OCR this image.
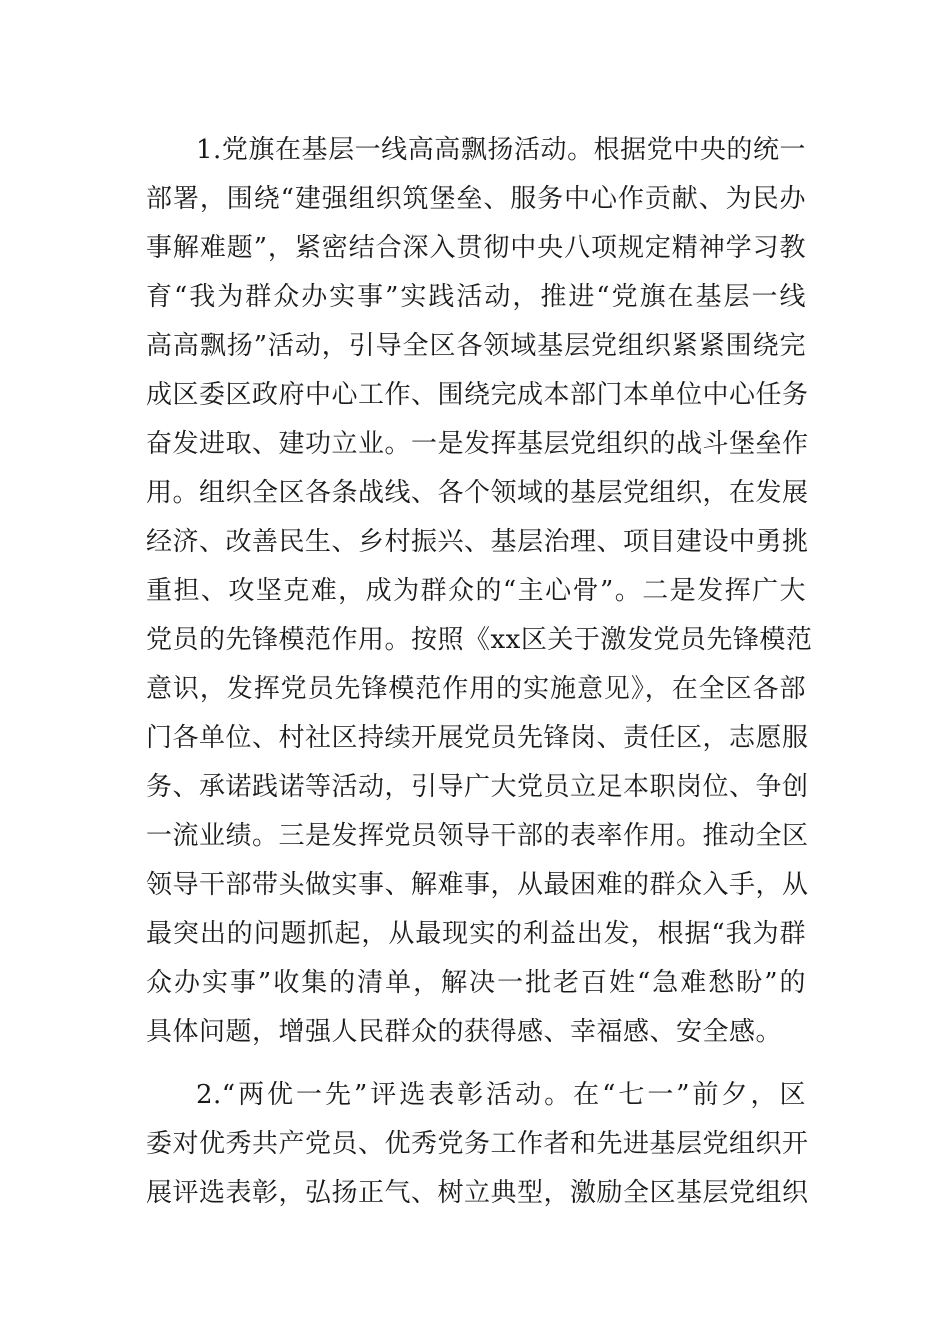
1.党旗在基层一线高高飘扬活动。根据党中央的统一
部署，围绕“建强组织筑堡垒、服务中心作贡献、为民办
事解难题”，紧密结合深入贯彻中央八项规定精神学习教
育“我为群众办实事”实践活动，推进“党旗在基层一线
高高飘扬”活动，引导全区各领域基层党组织紧紧围绕完
成区委区政府中心工作、围绕完成本部门本单位中心任务
奋发进取、建功立业。一是发挥基层党组织的战斗堡垒作
用。组织全区各条战线、各个领域的基层党组织，在发展
经济、改善民生、乡村振兴、基层治理、项目建设中勇挑
重担、攻坚克难，成为群众的“主心骨”。二是发挥广大
党员的先锋模范作用。按照《xx区关于激发党员先锋模范
意识，发挥党员先锋模范作用的实施意见》，在全区各部
门各单位、村社区持续开展党员先锋岗、责任区，志愿服
务、承诺践诺等活动，引导广大党员立足本职岗位、争创
一流业绩。三是发挥党员领导干部的表率作用。推动全区
领导干部带头做实事、解难事，从最困难的群众入手，从
最突出的问题抓起，从最现实的利益出发，根据“我为群
众办实事”收集的清单，解决一批老百姓“急难愁盼”的
具体问题，增强人民群众的获得感、幸福感、安全感。
2.“两优一先”评选表彰活动。在“七一”前夕，区
委对优秀共产党员、优秀党务工作者和先进基层党组织开
展评选表彰，弘扬正气、树立典型，激励全区基层党组织
